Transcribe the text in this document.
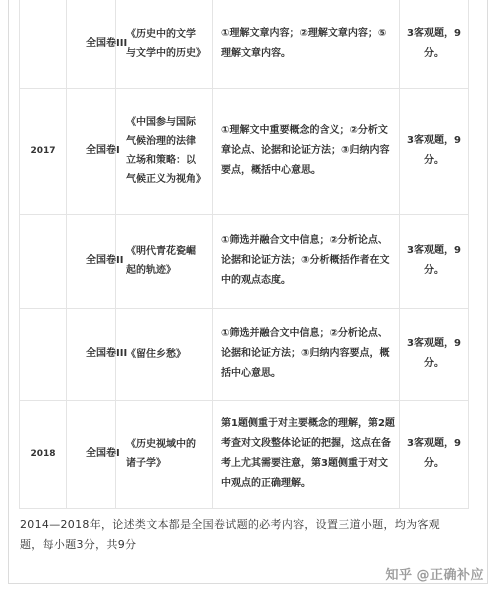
	全国卷III	《历史中的文学与文学中的历史》	①理解文章内容；②理解文章内容；⑤理解文章内容。	3客观题，9分。
2017	全国卷I	《中国参与国际气候治理的法律立场和策略：以气候正义为视角》	①理解文中重要概念的含义；②分析文章论点、论据和论证方法；③归纳内容要点，概括中心意思。	3客观题，9分。

	全国卷II	《明代青花瓷崛起的轨迹》	①筛选并融合文中信息；②分析论点、论据和论证方法；③分析概括作者在文中的观点态度。	3客观题，9分。

	全国卷III	《留住乡愁》	①筛选并融合文中信息；②分析论点、论据和论证方法；③归纳内容要点，概括中心意思。	3客观题，9分。
2018	全国卷I	《历史视域中的诸子学》	第1题侧重于对主要概念的理解，第2题考查对文段整体论证的把握，这点在备考上尤其需要注意，第3题侧重于对文中观点的正确理解。	3客观题，9分。
2014—2018年，论述类文本都是全国卷试题的必考内容，设置三道小题，均为客观题，每小题3分，共9分
知乎 @正确补应
